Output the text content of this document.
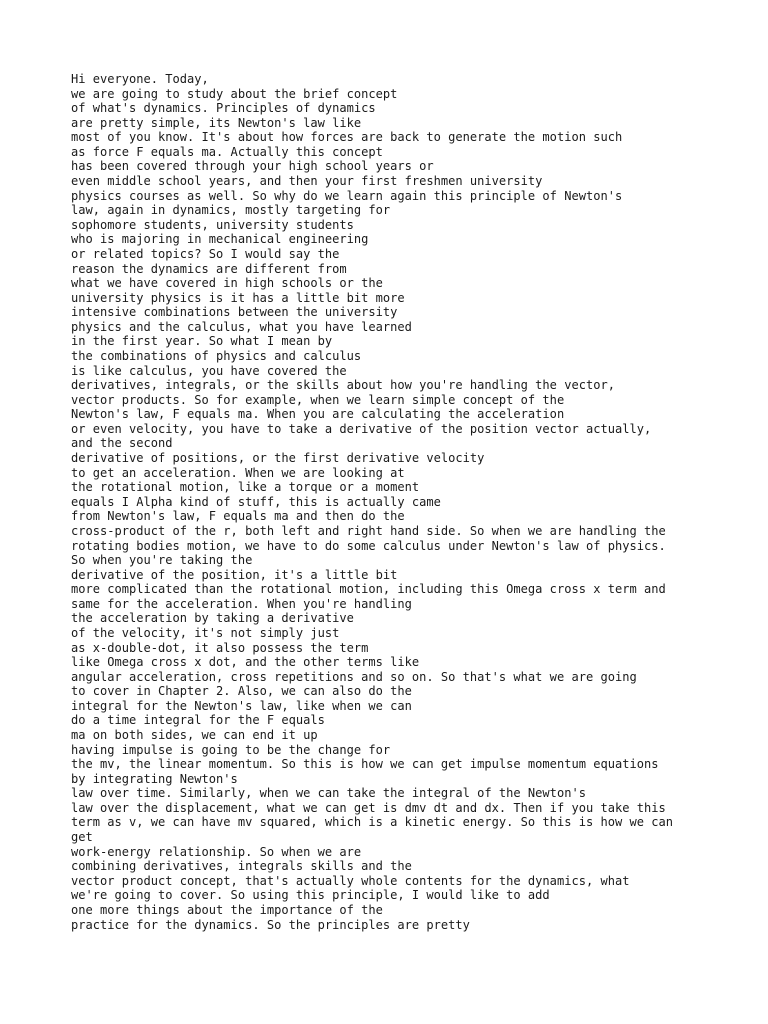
Hi everyone. Today,
we are going to study about the brief concept
of what's dynamics. Principles of dynamics
are pretty simple, its Newton's law like
most of you know. It's about how forces are back to generate the motion such
as force F equals ma. Actually this concept
has been covered through your high school years or
even middle school years, and then your first freshmen university
physics courses as well. So why do we learn again this principle of Newton's
law, again in dynamics, mostly targeting for
sophomore students, university students
who is majoring in mechanical engineering
or related topics? So I would say the
reason the dynamics are different from
what we have covered in high schools or the
university physics is it has a little bit more
intensive combinations between the university
physics and the calculus, what you have learned
in the first year. So what I mean by
the combinations of physics and calculus
is like calculus, you have covered the
derivatives, integrals, or the skills about how you're handling the vector,
vector products. So for example, when we learn simple concept of the
Newton's law, F equals ma. When you are calculating the acceleration
or even velocity, you have to take a derivative of the position vector actually,
and the second
derivative of positions, or the first derivative velocity
to get an acceleration. When we are looking at
the rotational motion, like a torque or a moment
equals I Alpha kind of stuff, this is actually came
from Newton's law, F equals ma and then do the
cross-product of the r, both left and right hand side. So when we are handling the
rotating bodies motion, we have to do some calculus under Newton's law of physics.
So when you're taking the
derivative of the position, it's a little bit
more complicated than the rotational motion, including this Omega cross x term and
same for the acceleration. When you're handling
the acceleration by taking a derivative
of the velocity, it's not simply just
as x-double-dot, it also possess the term
like Omega cross x dot, and the other terms like
angular acceleration, cross repetitions and so on. So that's what we are going
to cover in Chapter 2. Also, we can also do the
integral for the Newton's law, like when we can
do a time integral for the F equals
ma on both sides, we can end it up
having impulse is going to be the change for
the mv, the linear momentum. So this is how we can get impulse momentum equations
by integrating Newton's
law over time. Similarly, when we can take the integral of the Newton's
law over the displacement, what we can get is dmv dt and dx. Then if you take this
term as v, we can have mv squared, which is a kinetic energy. So this is how we can
get
work-energy relationship. So when we are
combining derivatives, integrals skills and the
vector product concept, that's actually whole contents for the dynamics, what
we're going to cover. So using this principle, I would like to add
one more things about the importance of the
practice for the dynamics. So the principles are pretty
